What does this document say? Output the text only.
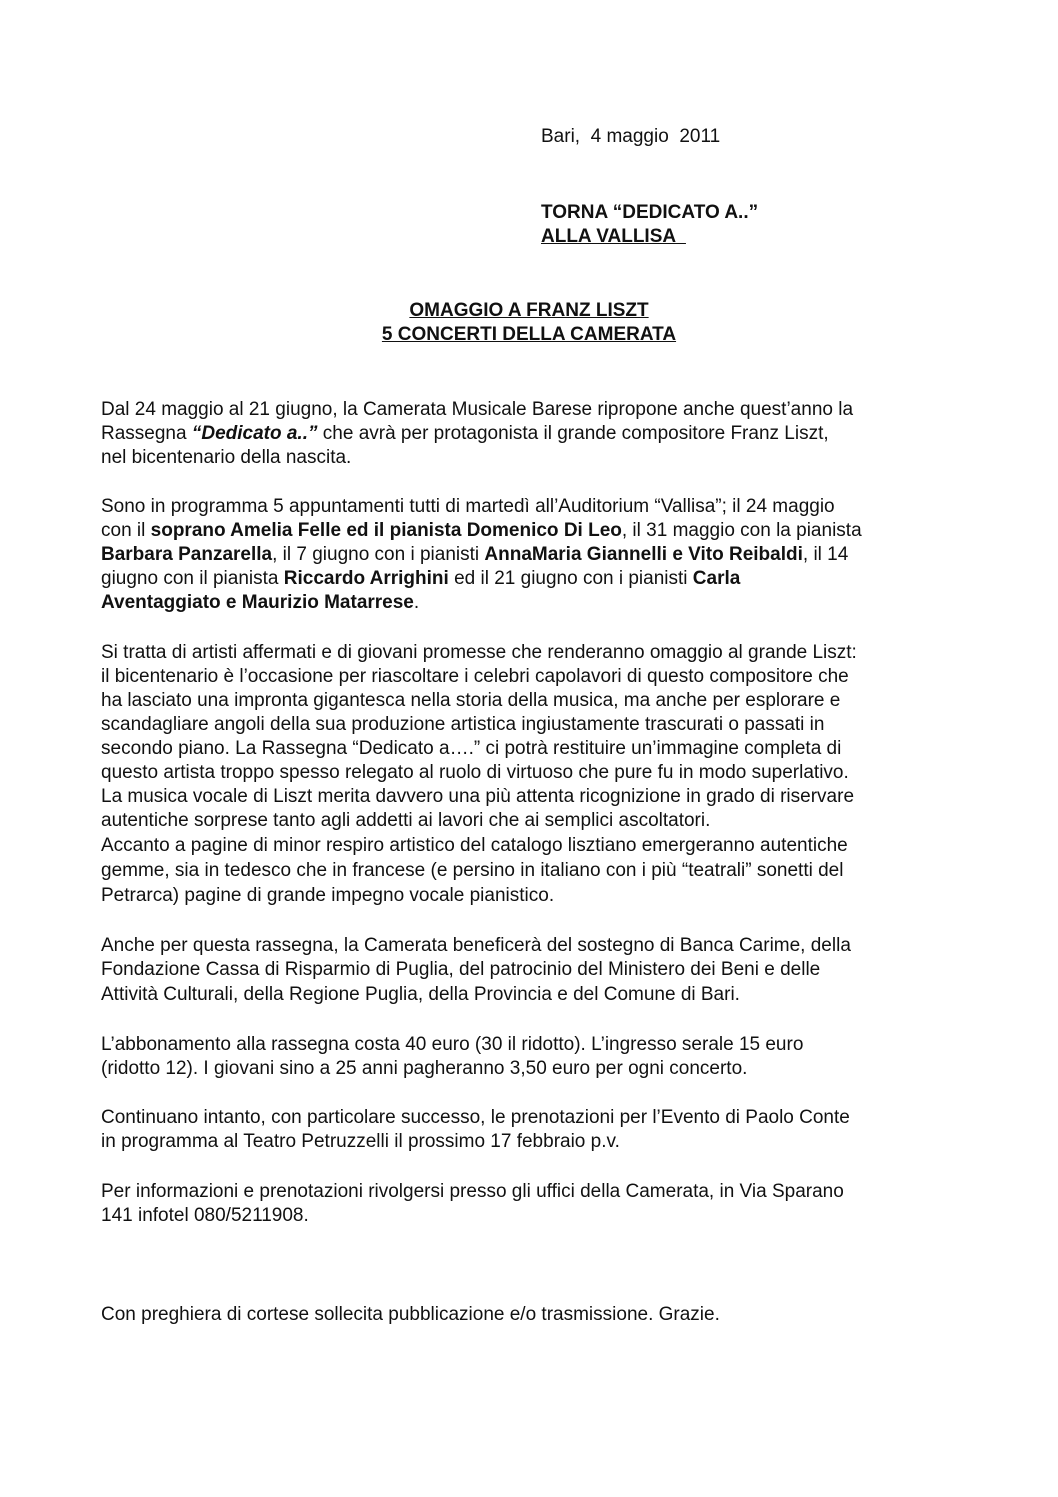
Bari,  4 maggio  2011
TORNA “DEDICATO A..”
ALLA VALLISA
OMAGGIO A FRANZ LISZT
5 CONCERTI DELLA CAMERATA
Dal 24 maggio al 21 giugno, la Camerata Musicale Barese ripropone anche quest’anno la
Rassegna “Dedicato a..” che avrà per protagonista il grande compositore Franz Liszt,
nel bicentenario della nascita.
Sono in programma 5 appuntamenti tutti di martedì all’Auditorium “Vallisa”; il 24 maggio
con il soprano Amelia Felle ed il pianista Domenico Di Leo, il 31 maggio con la pianista
Barbara Panzarella, il 7 giugno con i pianisti AnnaMaria Giannelli e Vito Reibaldi, il 14
giugno con il pianista Riccardo Arrighini ed il 21 giugno con i pianisti Carla
Aventaggiato e Maurizio Matarrese.
Si tratta di artisti affermati e di giovani promesse che renderanno omaggio al grande Liszt:
il bicentenario è l’occasione per riascoltare i celebri capolavori di questo compositore che
ha lasciato una impronta gigantesca nella storia della musica, ma anche per esplorare e
scandagliare angoli della sua produzione artistica ingiustamente trascurati o passati in
secondo piano. La Rassegna “Dedicato a….” ci potrà restituire un’immagine completa di
questo artista troppo spesso relegato al ruolo di virtuoso che pure fu in modo superlativo.
La musica vocale di Liszt merita davvero una più attenta ricognizione in grado di riservare
autentiche sorprese tanto agli addetti ai lavori che ai semplici ascoltatori.
Accanto a pagine di minor respiro artistico del catalogo lisztiano emergeranno autentiche
gemme, sia in tedesco che in francese (e persino in italiano con i più “teatrali” sonetti del
Petrarca) pagine di grande impegno vocale pianistico.
Anche per questa rassegna, la Camerata beneficerà del sostegno di Banca Carime, della
Fondazione Cassa di Risparmio di Puglia, del patrocinio del Ministero dei Beni e delle
Attività Culturali, della Regione Puglia, della Provincia e del Comune di Bari.
L’abbonamento alla rassegna costa 40 euro (30 il ridotto). L’ingresso serale 15 euro
(ridotto 12). I giovani sino a 25 anni pagheranno 3,50 euro per ogni concerto.
Continuano intanto, con particolare successo, le prenotazioni per l’Evento di Paolo Conte
in programma al Teatro Petruzzelli il prossimo 17 febbraio p.v.
Per informazioni e prenotazioni rivolgersi presso gli uffici della Camerata, in Via Sparano
141 infotel 080/5211908.
Con preghiera di cortese sollecita pubblicazione e/o trasmissione. Grazie.
